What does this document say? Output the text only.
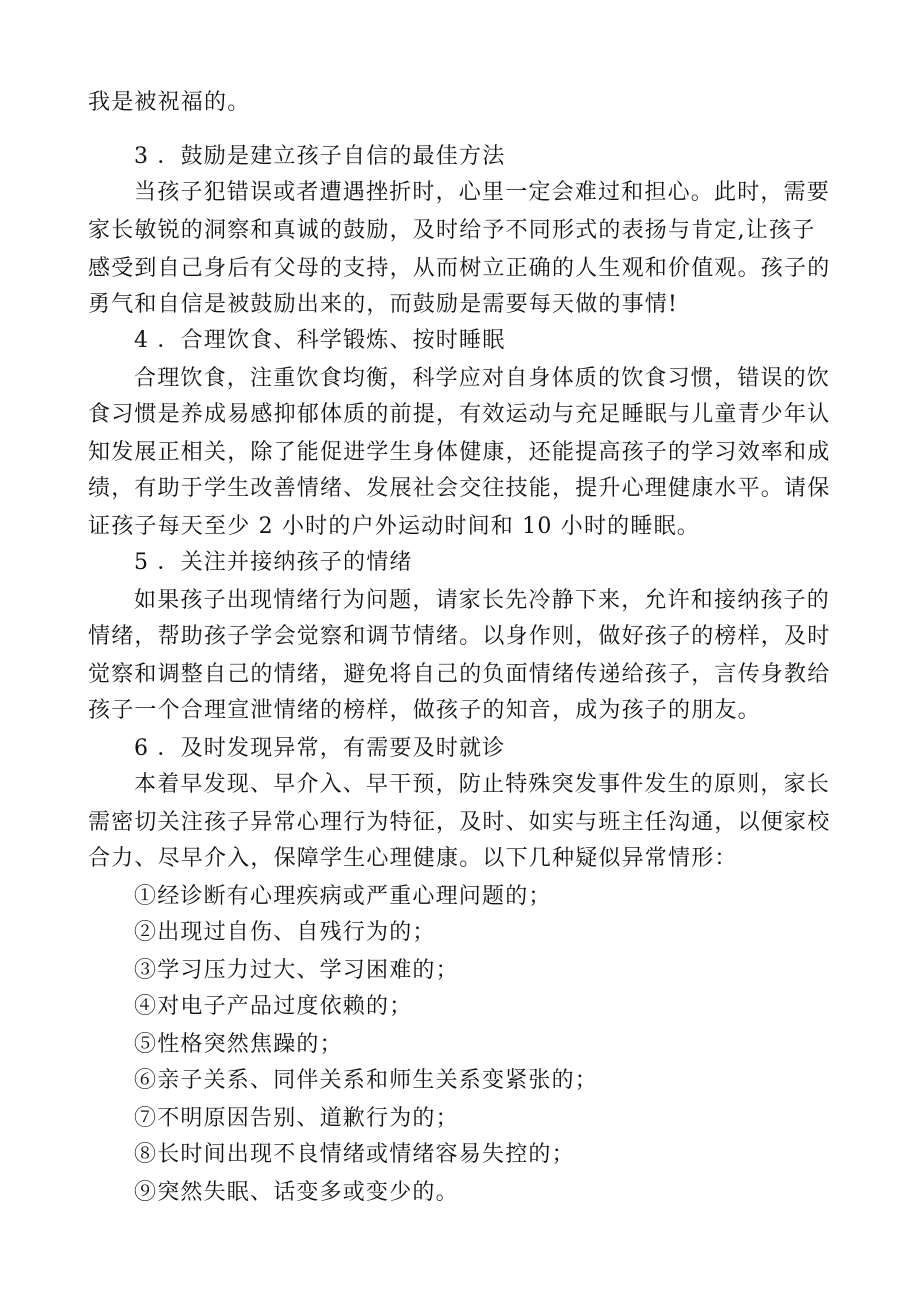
我是被祝福的。
3 ．鼓励是建立孩子自信的最佳方法
当孩子犯错误或者遭遇挫折时，心里一定会难过和担心。此时，需要
家长敏锐的洞察和真诚的鼓励，及时给予不同形式的表扬与肯定,让孩子
感受到自己身后有父母的支持，从而树立正确的人生观和价值观。孩子的
勇气和自信是被鼓励出来的，而鼓励是需要每天做的事情!
4 ．合理饮食、科学锻炼、按时睡眠
合理饮食，注重饮食均衡，科学应对自身体质的饮食习惯，错误的饮
食习惯是养成易感抑郁体质的前提，有效运动与充足睡眠与儿童青少年认
知发展正相关，除了能促进学生身体健康，还能提高孩子的学习效率和成
绩，有助于学生改善情绪、发展社会交往技能，提升心理健康水平。请保
证孩子每天至少 2 小时的户外运动时间和 10 小时的睡眠。
5 ．关注并接纳孩子的情绪
如果孩子出现情绪行为问题，请家长先冷静下来，允许和接纳孩子的
情绪，帮助孩子学会觉察和调节情绪。以身作则，做好孩子的榜样，及时
觉察和调整自己的情绪，避免将自己的负面情绪传递给孩子，言传身教给
孩子一个合理宣泄情绪的榜样，做孩子的知音，成为孩子的朋友。
6 ．及时发现异常，有需要及时就诊
本着早发现、早介入、早干预，防止特殊突发事件发生的原则，家长
需密切关注孩子异常心理行为特征，及时、如实与班主任沟通，以便家校
合力、尽早介入，保障学生心理健康。以下几种疑似异常情形：
①经诊断有心理疾病或严重心理问题的；
②出现过自伤、自残行为的；
③学习压力过大、学习困难的；
④对电子产品过度依赖的；
⑤性格突然焦躁的；
⑥亲子关系、同伴关系和师生关系变紧张的；
⑦不明原因告别、道歉行为的；
⑧长时间出现不良情绪或情绪容易失控的；
⑨突然失眠、话变多或变少的。
